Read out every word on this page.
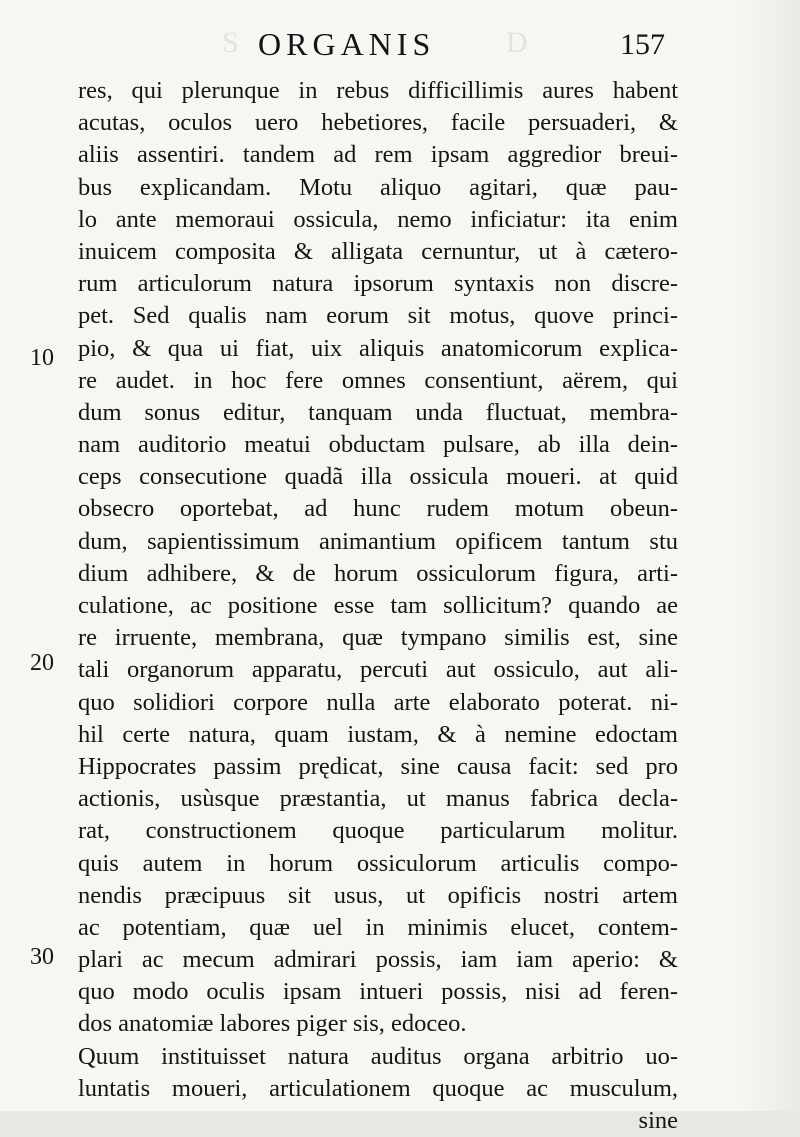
S	D
ORGANIS	157
10
20
30
res, qui plerunque in rebus difficillimis aures habent
acutas, oculos uero hebetiores, facile persuaderi, &
aliis assentiri. tandem ad rem ipsam aggredior breui-
bus explicandam. Motu aliquo agitari, quæ pau-
lo ante memoraui ossicula, nemo inficiatur: ita enim
inuicem composita & alligata cernuntur, ut à cætero-
rum articulorum natura ipsorum syntaxis non discre-
pet. Sed qualis nam eorum sit motus, quove princi-
pio, & qua ui fiat, uix aliquis anatomicorum explica-
re audet. in hoc fere omnes consentiunt, aërem, qui
dum sonus editur, tanquam unda fluctuat, membra-
nam auditorio meatui obductam pulsare, ab illa dein-
ceps consecutione quadã illa ossicula moueri. at quid
obsecro oportebat, ad hunc rudem motum obeun-
dum, sapientissimum animantium opificem tantum stu
dium adhibere, & de horum ossiculorum figura, arti-
culatione, ac positione esse tam sollicitum? quando ae
re irruente, membrana, quæ tympano similis est, sine
tali organorum apparatu, percuti aut ossiculo, aut ali-
quo solidiori corpore nulla arte elaborato poterat. ni-
hil certe natura, quam iustam, & à nemine edoctam
Hippocrates passim prędicat, sine causa facit: sed pro
actionis, usùsque præstantia, ut manus fabrica decla-
rat, constructionem quoque particularum molitur.
quis autem in horum ossiculorum articulis compo-
nendis præcipuus sit usus, ut opificis nostri artem
ac potentiam, quæ uel in minimis elucet, contem-
plari ac mecum admirari possis, iam iam aperio: &
quo modo oculis ipsam intueri possis, nisi ad feren-
dos anatomiæ labores piger sis, edoceo.
Quum instituisset natura auditus organa arbitrio uo-
luntatis moueri, articulationem quoque ac musculum,
sine
